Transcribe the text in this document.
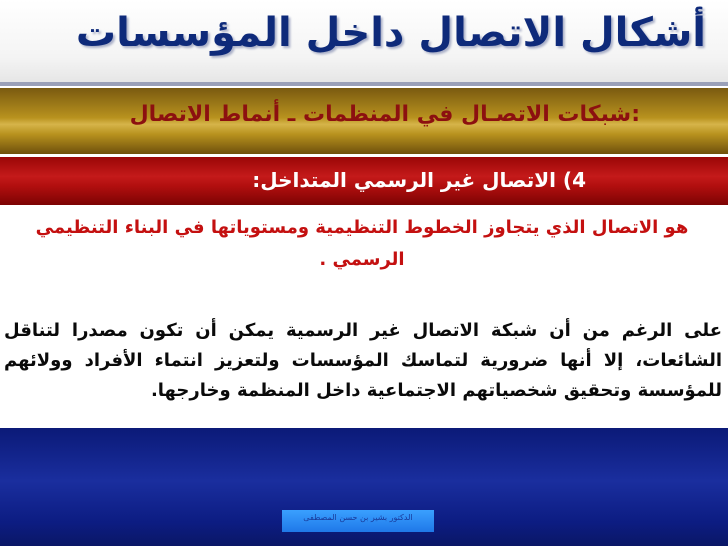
أشكال الاتصال داخل المؤسسات
:شبكات الاتصـال في المنظمات ـ أنماط الاتصال
4) الاتصال غير الرسمي المتداخل:

هو الاتصال الذي يتجاوز الخطوط التنظيمية ومستوياتها في البناء التنظيمي الرسمي .

على الرغم من أن شبكة الاتصال غير الرسمية يمكن أن تكون مصدرا لتناقل الشائعات، إلا أنها ضرورية لتماسك المؤسسات ولتعزيز انتماء الأفراد وولائهم للمؤسسة وتحقيق شخصياتهم الاجتماعية داخل المنظمة وخارجها.

الدكتور بشير بن حسن المصطفى
